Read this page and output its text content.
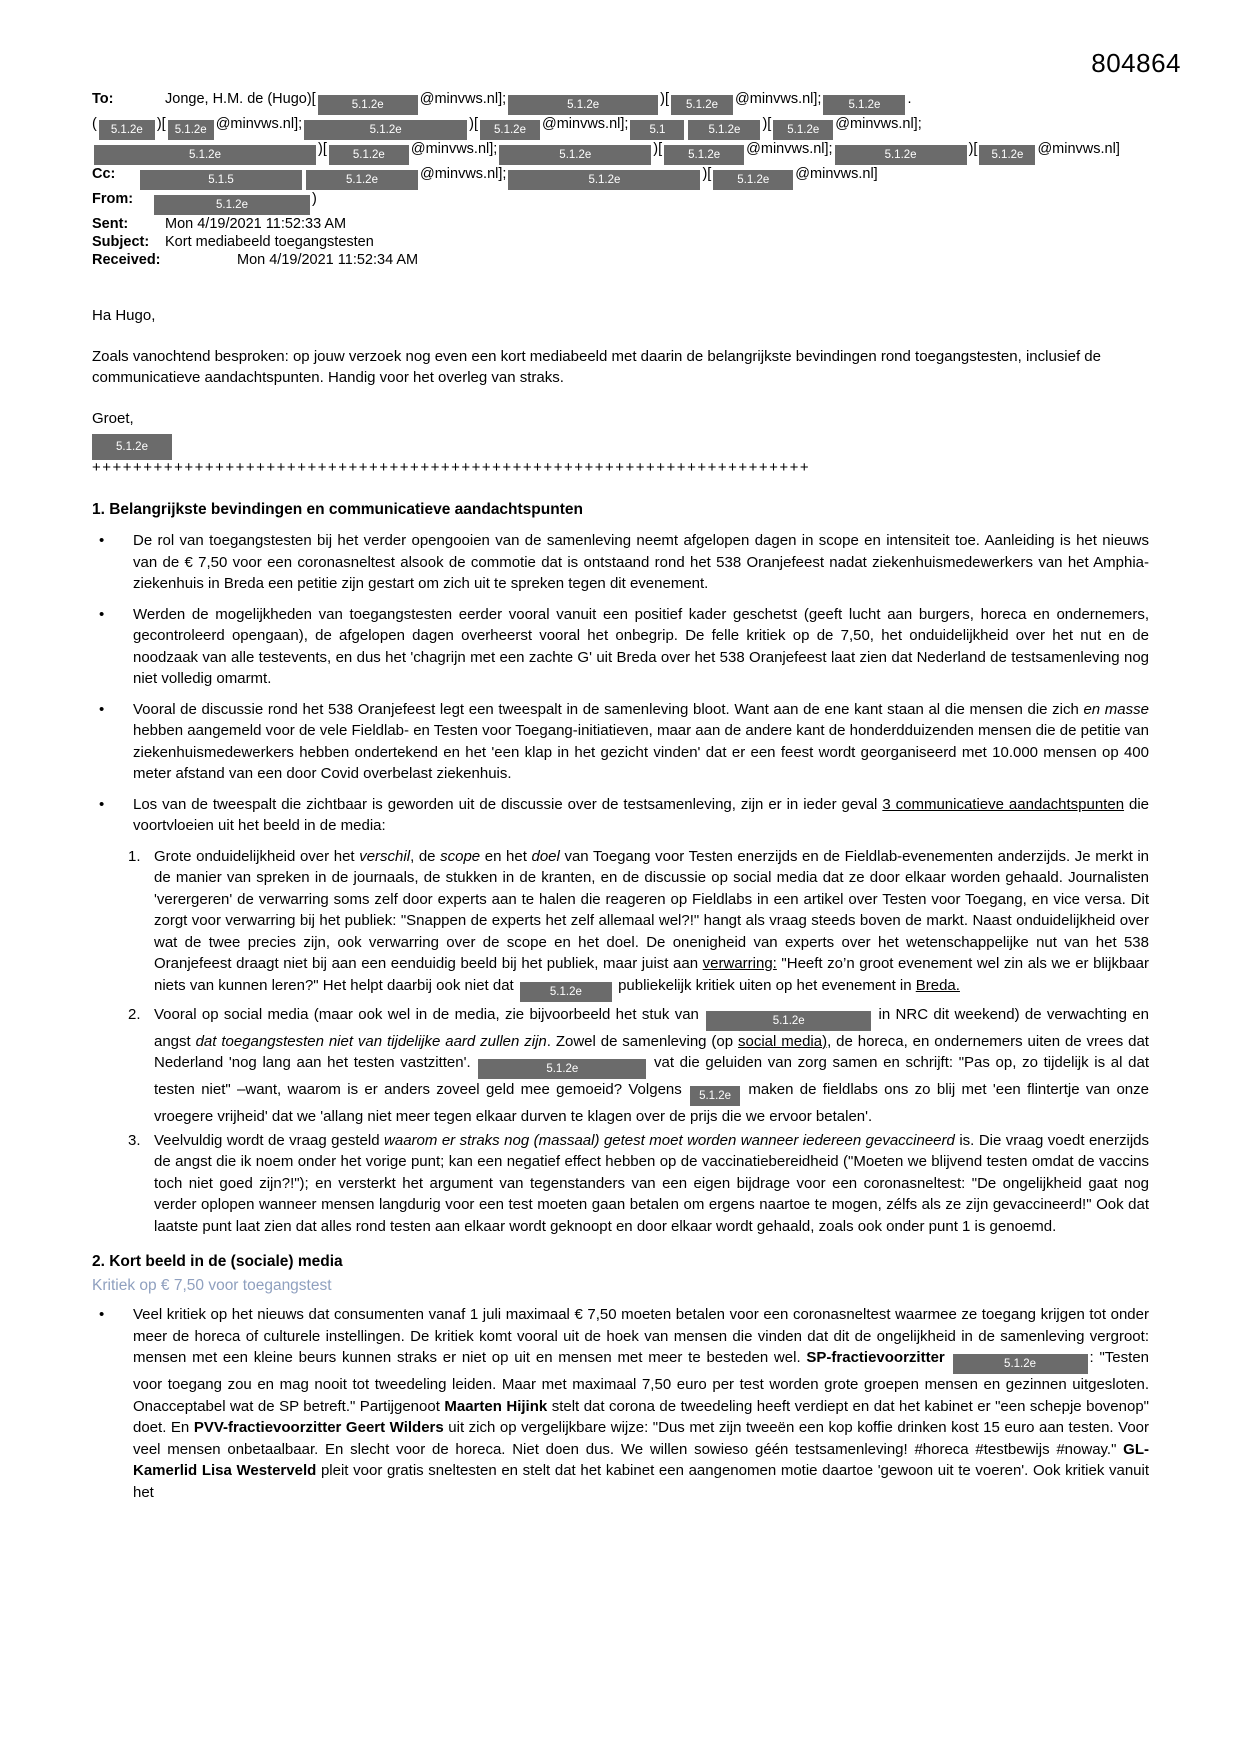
804864
To:	Jonge, H.M. de (Hugo)[	5.1.2e @minvws.nl];	5.1.2e	)[ 5.1.2e @minvws.nl]; 5.1.2e .
( 5.1.2e )[ 5.1.2e @minvws.nl];	5.1.2e	)[ 5.1.2e @minvws.nl]; 5.1	5.1.2e )[ 5.1.2e @minvws.nl];
5.1.2e	)[ 5.1.2e @minvws.nl];	5.1.2e	)[ 5.1.2e @minvws.nl];	5.1.2e	)[ 5.1.2e @minvws.nl]
Cc:	5.1.5	5.1.2e	@minvws.nl];	5.1.2e	)[ 5.1.2e @minvws.nl]
From:	5.1.2e	)
Sent:	Mon 4/19/2021 11:52:33 AM
Subject: Kort mediabeeld toegangstesten
Received:	Mon 4/19/2021 11:52:34 AM

Ha Hugo,

Zoals vanochtend besproken: op jouw verzoek nog even een kort mediabeeld met daarin de belangrijkste bevindingen rond toegangstesten, inclusief de communicatieve aandachtspunten. Handig voor het overleg van straks.

Groet,

5.1.2e
++++++++++++++++++++++++++++++++++++++++++++++++++++++++++++++++++++++
1. Belangrijkste bevindingen en communicatieve aandachtspunten
•
De rol van toegangstesten bij het verder opengooien van de samenleving neemt afgelopen dagen in scope en intensiteit toe. Aanleiding is het nieuws van de € 7,50 voor een coronasneltest alsook de commotie dat is ontstaand rond het 538 Oranjefeest nadat ziekenhuismedewerkers van het Amphia-ziekenhuis in Breda een petitie zijn gestart om zich uit te spreken tegen dit evenement.
•
Werden de mogelijkheden van toegangstesten eerder vooral vanuit een positief kader geschetst (geeft lucht aan burgers, horeca en ondernemers, gecontroleerd opengaan), de afgelopen dagen overheerst vooral het onbegrip. De felle kritiek op de 7,50, het onduidelijkheid over het nut en de noodzaak van alle testevents, en dus het 'chagrijn met een zachte G' uit Breda over het 538 Oranjefeest laat zien dat Nederland de testsamenleving nog niet volledig omarmt.
•
Vooral de discussie rond het 538 Oranjefeest legt een tweespalt in de samenleving bloot. Want aan de ene kant staan al die mensen die zich en masse hebben aangemeld voor de vele Fieldlab- en Testen voor Toegang-initiatieven, maar aan de andere kant de honderdduizenden mensen die de petitie van ziekenhuismedewerkers hebben ondertekend en het 'een klap in het gezicht vinden' dat er een feest wordt georganiseerd met 10.000 mensen op 400 meter afstand van een door Covid overbelast ziekenhuis.
•
Los van de tweespalt die zichtbaar is geworden uit de discussie over de testsamenleving, zijn er in ieder geval 3 communicatieve aandachtspunten die voortvloeien uit het beeld in de media:
1. Grote onduidelijkheid over het verschil, de scope en het doel van Toegang voor Testen enerzijds en de Fieldlab-evenementen anderzijds. Je merkt in de manier van spreken in de journaals, de stukken in de kranten, en de discussie op social media dat ze door elkaar worden gehaald. Journalisten 'verergeren' de verwarring soms zelf door experts aan te halen die reageren op Fieldlabs in een artikel over Testen voor Toegang, en vice versa. Dit zorgt voor verwarring bij het publiek: "Snappen de experts het zelf allemaal wel?!" hangt als vraag steeds boven de markt. Naast onduidelijkheid over wat de twee precies zijn, ook verwarring over de scope en het doel. De onenigheid van experts over het wetenschappelijke nut van het 538 Oranjefeest draagt niet bij aan een eenduidig beeld bij het publiek, maar juist aan verwarring: "Heeft zo’n groot evenement wel zin als we er blijkbaar niets van kunnen leren?" Het helpt daarbij ook niet dat	5.1.2e publiekelijk kritiek uiten op het evenement in Breda.
2. Vooral op social media (maar ook wel in de media, zie bijvoorbeeld het stuk van	5.1.2e	in NRC dit weekend) de verwachting en angst dat toegangstesten niet van tijdelijke aard zullen zijn. Zowel de samenleving (op social media), de horeca, en ondernemers uiten de vrees dat Nederland 'nog lang aan het testen vastzitten'.	5.1.2e	vat die geluiden van zorg samen en schrijft: "Pas op, zo tijdelijk is al dat testen niet" –want, waarom is er anders zoveel geld mee gemoeid? Volgens 5.1.2e maken de fieldlabs ons zo blij met 'een flintertje van onze vroegere vrijheid' dat we 'allang niet meer tegen elkaar durven te klagen over de prijs die we ervoor betalen'.
3. Veelvuldig wordt de vraag gesteld waarom er straks nog (massaal) getest moet worden wanneer iedereen gevaccineerd is. Die vraag voedt enerzijds de angst die ik noem onder het vorige punt; kan een negatief effect hebben op de vaccinatiebereidheid ("Moeten we blijvend testen omdat de vaccins toch niet goed zijn?!"); en versterkt het argument van tegenstanders van een eigen bijdrage voor een coronasneltest: "De ongelijkheid gaat nog verder oplopen wanneer mensen langdurig voor een test moeten gaan betalen om ergens naartoe te mogen, zélfs als ze zijn gevaccineerd!" Ook dat laatste punt laat zien dat alles rond testen aan elkaar wordt geknoopt en door elkaar wordt gehaald, zoals ook onder punt 1 is genoemd.
2. Kort beeld in de (sociale) media
Kritiek op € 7,50 voor toegangstest
•
Veel kritiek op het nieuws dat consumenten vanaf 1 juli maximaal € 7,50 moeten betalen voor een coronasneltest waarmee ze toegang krijgen tot onder meer de horeca of culturele instellingen. De kritiek komt vooral uit de hoek van mensen die vinden dat dit de ongelijkheid in de samenleving vergroot: mensen met een kleine beurs kunnen straks er niet op uit en mensen met meer te besteden wel. SP-fractievoorzitter	5.1.2e	: "Testen voor toegang zou en mag nooit tot tweedeling leiden. Maar met maximaal 7,50 euro per test worden grote groepen mensen en gezinnen uitgesloten. Onacceptabel wat de SP betreft." Partijgenoot Maarten Hijink stelt dat corona de tweedeling heeft verdiept en dat het kabinet er "een schepje bovenop" doet. En PVV-fractievoorzitter Geert Wilders uit zich op vergelijkbare wijze: "Dus met zijn tweeën een kop koffie drinken kost 15 euro aan testen. Voor veel mensen onbetaalbaar. En slecht voor de horeca. Niet doen dus. We willen sowieso géén testsamenleving! #horeca #testbewijs #noway." GL-Kamerlid Lisa Westerveld pleit voor gratis sneltesten en stelt dat het kabinet een aangenomen motie daartoe 'gewoon uit te voeren'. Ook kritiek vanuit het
